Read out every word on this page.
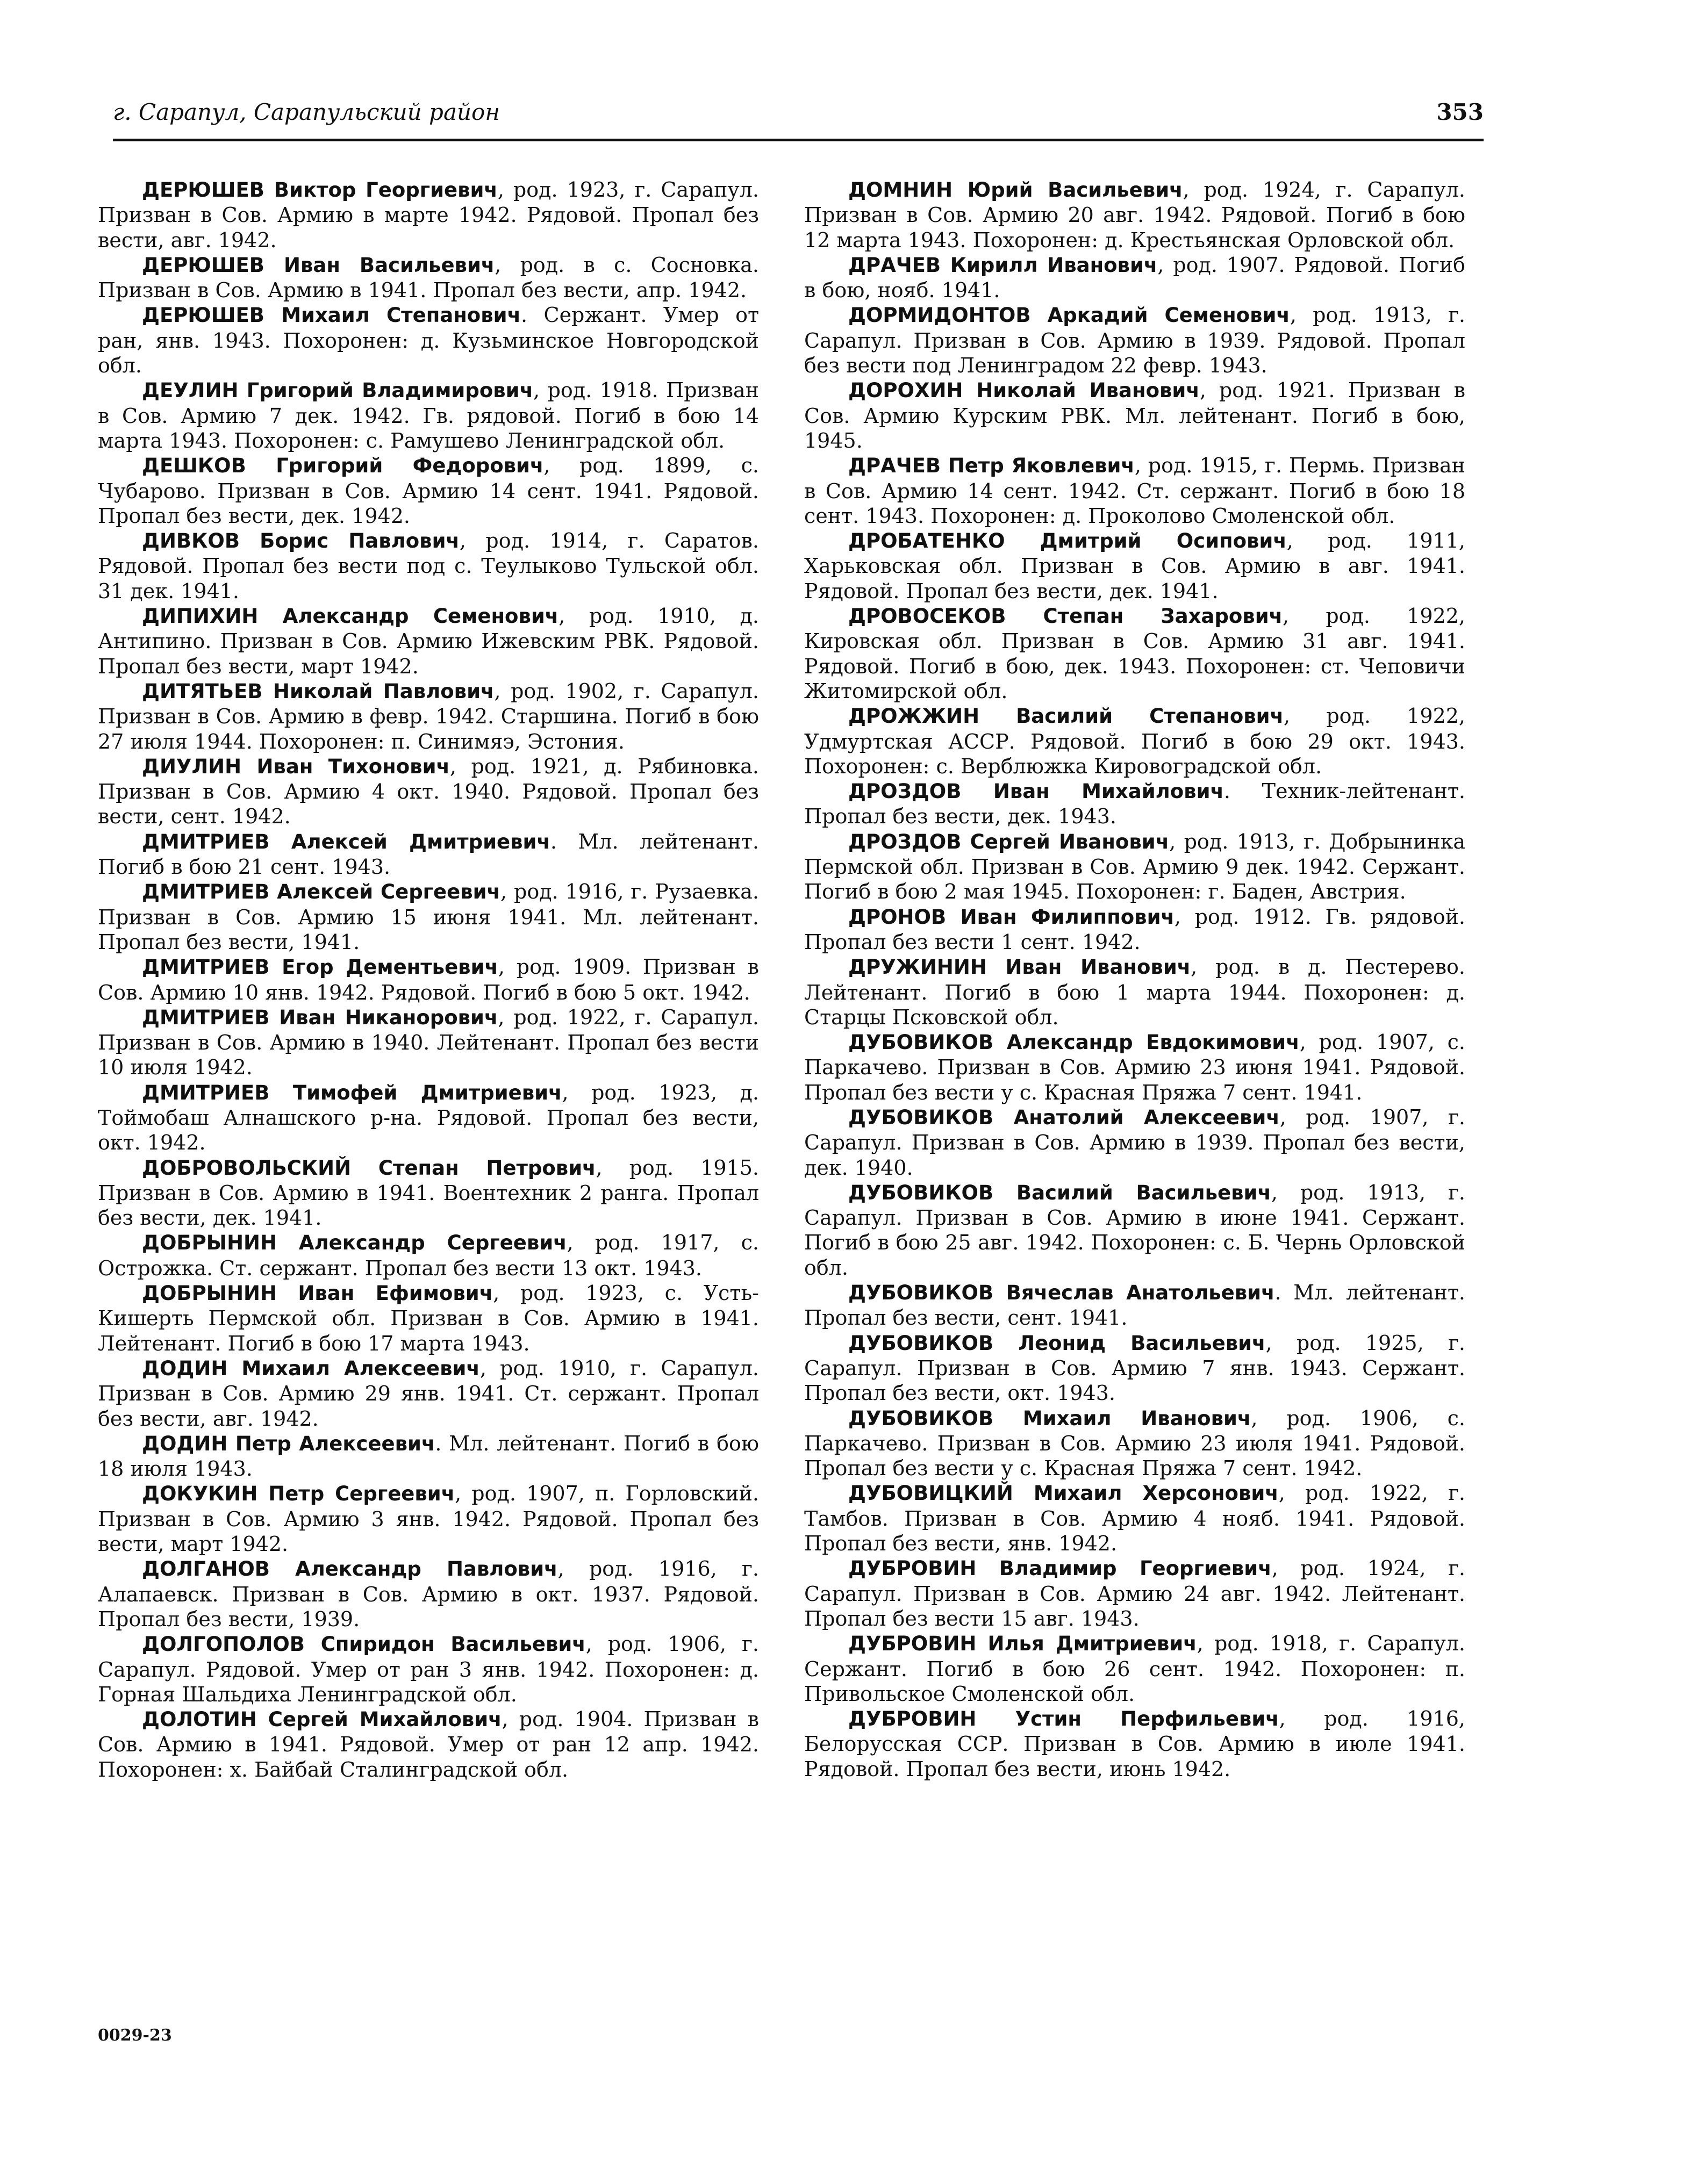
г. Сарапул, Сарапульский район	353

ДЕРЮШЕВ Виктор Георгиевич, род. 1923, г. Сарапул. Призван в Сов. Армию в марте 1942. Рядовой. Пропал без вести, авг. 1942.

ДЕРЮШЕВ Иван Васильевич, род. в с. Сосновка. Призван в Сов. Армию в 1941. Пропал без вести, апр. 1942.

ДЕРЮШЕВ Михаил Степанович. Сержант. Умер от ран, янв. 1943. Похоронен: д. Кузьминское Новгородской обл.

ДЕУЛИН Григорий Владимирович, род. 1918. Призван в Сов. Армию 7 дек. 1942. Гв. рядовой. Погиб в бою 14 марта 1943. Похоронен: с. Рамушево Ленинградской обл.

ДЕШКОВ Григорий Федорович, род. 1899, с. Чубарово. Призван в Сов. Армию 14 сент. 1941. Рядовой. Пропал без вести, дек. 1942.

ДИВКОВ Борис Павлович, род. 1914, г. Саратов. Рядовой. Пропал без вести под с. Теулыково Тульской обл. 31 дек. 1941.

ДИПИХИН Александр Семенович, род. 1910, д. Антипино. Призван в Сов. Армию Ижевским РВК. Рядовой. Пропал без вести, март 1942.

ДИТЯТЬЕВ Николай Павлович, род. 1902, г. Сарапул. Призван в Сов. Армию в февр. 1942. Старшина. Погиб в бою 27 июля 1944. Похоронен: п. Синимяэ, Эстония.

ДИУЛИН Иван Тихонович, род. 1921, д. Рябиновка. Призван в Сов. Армию 4 окт. 1940. Рядовой. Пропал без вести, сент. 1942.

ДМИТРИЕВ Алексей Дмитриевич. Мл. лейтенант. Погиб в бою 21 сент. 1943.

ДМИТРИЕВ Алексей Сергеевич, род. 1916, г. Рузаевка. Призван в Сов. Армию 15 июня 1941. Мл. лейтенант. Пропал без вести, 1941.

ДМИТРИЕВ Егор Дементьевич, род. 1909. Призван в Сов. Армию 10 янв. 1942. Рядовой. Погиб в бою 5 окт. 1942.

ДМИТРИЕВ Иван Никанорович, род. 1922, г. Сарапул. Призван в Сов. Армию в 1940. Лейтенант. Пропал без вести 10 июля 1942.

ДМИТРИЕВ Тимофей Дмитриевич, род. 1923, д. Тоймобаш Алнашского р-на. Рядовой. Пропал без вести, окт. 1942.

ДОБРОВОЛЬСКИЙ Степан Петрович, род. 1915. Призван в Сов. Армию в 1941. Воентехник 2 ранга. Пропал без вести, дек. 1941.

ДОБРЫНИН Александр Сергеевич, род. 1917, с. Острожка. Ст. сержант. Пропал без вести 13 окт. 1943.

ДОБРЫНИН Иван Ефимович, род. 1923, с. Усть-Кишерть Пермской обл. Призван в Сов. Армию в 1941. Лейтенант. Погиб в бою 17 марта 1943.

ДОДИН Михаил Алексеевич, род. 1910, г. Сарапул. Призван в Сов. Армию 29 янв. 1941. Ст. сержант. Пропал без вести, авг. 1942.

ДОДИН Петр Алексеевич. Мл. лейтенант. Погиб в бою 18 июля 1943.

ДОКУКИН Петр Сергеевич, род. 1907, п. Горловский. Призван в Сов. Армию 3 янв. 1942. Рядовой. Пропал без вести, март 1942.

ДОЛГАНОВ Александр Павлович, род. 1916, г. Алапаевск. Призван в Сов. Армию в окт. 1937. Рядовой. Пропал без вести, 1939.

ДОЛГОПОЛОВ Спиридон Васильевич, род. 1906, г. Сарапул. Рядовой. Умер от ран 3 янв. 1942. Похоронен: д. Горная Шальдиха Ленинградской обл.

ДОЛОТИН Сергей Михайлович, род. 1904. Призван в Сов. Армию в 1941. Рядовой. Умер от ран 12 апр. 1942. Похоронен: х. Байбай Сталинградской обл.

ДОМНИН Юрий Васильевич, род. 1924, г. Сарапул. Призван в Сов. Армию 20 авг. 1942. Рядовой. Погиб в бою 12 марта 1943. Похоронен: д. Крестьянская Орловской обл.

ДРАЧЕВ Кирилл Иванович, род. 1907. Рядовой. Погиб в бою, нояб. 1941.

ДОРМИДОНТОВ Аркадий Семенович, род. 1913, г. Сарапул. Призван в Сов. Армию в 1939. Рядовой. Пропал без вести под Ленинградом 22 февр. 1943.

ДОРОХИН Николай Иванович, род. 1921. Призван в Сов. Армию Курским РВК. Мл. лейтенант. Погиб в бою, 1945.

ДРАЧЕВ Петр Яковлевич, род. 1915, г. Пермь. Призван в Сов. Армию 14 сент. 1942. Ст. сержант. Погиб в бою 18 сент. 1943. Похоронен: д. Проколово Смоленской обл.

ДРОБАТЕНКО Дмитрий Осипович, род. 1911, Харьковская обл. Призван в Сов. Армию в авг. 1941. Рядовой. Пропал без вести, дек. 1941.

ДРОВОСЕКОВ Степан Захарович, род. 1922, Кировская обл. Призван в Сов. Армию 31 авг. 1941. Рядовой. Погиб в бою, дек. 1943. Похоронен: ст. Чеповичи Житомирской обл.

ДРОЖЖИН Василий Степанович, род. 1922, Удмуртская АССР. Рядовой. Погиб в бою 29 окт. 1943. Похоронен: с. Верблюжка Кировоградской обл.

ДРОЗДОВ Иван Михайлович. Техник-лейтенант. Пропал без вести, дек. 1943.

ДРОЗДОВ Сергей Иванович, род. 1913, г. Добрынинка Пермской обл. Призван в Сов. Армию 9 дек. 1942. Сержант. Погиб в бою 2 мая 1945. Похоронен: г. Баден, Австрия.

ДРОНОВ Иван Филиппович, род. 1912. Гв. рядовой. Пропал без вести 1 сент. 1942.

ДРУЖИНИН Иван Иванович, род. в д. Пестерево. Лейтенант. Погиб в бою 1 марта 1944. Похоронен: д. Старцы Псковской обл.

ДУБОВИКОВ Александр Евдокимович, род. 1907, с. Паркачево. Призван в Сов. Армию 23 июня 1941. Рядовой. Пропал без вести у с. Красная Пряжа 7 сент. 1941.

ДУБОВИКОВ Анатолий Алексеевич, род. 1907, г. Сарапул. Призван в Сов. Армию в 1939. Пропал без вести, дек. 1940.

ДУБОВИКОВ Василий Васильевич, род. 1913, г. Сарапул. Призван в Сов. Армию в июне 1941. Сержант. Погиб в бою 25 авг. 1942. Похоронен: с. Б. Чернь Орловской обл.

ДУБОВИКОВ Вячеслав Анатольевич. Мл. лейтенант. Пропал без вести, сент. 1941.

ДУБОВИКОВ Леонид Васильевич, род. 1925, г. Сарапул. Призван в Сов. Армию 7 янв. 1943. Сержант. Пропал без вести, окт. 1943.

ДУБОВИКОВ Михаил Иванович, род. 1906, с. Паркачево. Призван в Сов. Армию 23 июля 1941. Рядовой. Пропал без вести у с. Красная Пряжа 7 сент. 1942.

ДУБОВИЦКИЙ Михаил Херсонович, род. 1922, г. Тамбов. Призван в Сов. Армию 4 нояб. 1941. Рядовой. Пропал без вести, янв. 1942.

ДУБРОВИН Владимир Георгиевич, род. 1924, г. Сарапул. Призван в Сов. Армию 24 авг. 1942. Лейтенант. Пропал без вести 15 авг. 1943.

ДУБРОВИН Илья Дмитриевич, род. 1918, г. Сарапул. Сержант. Погиб в бою 26 сент. 1942. Похоронен: п. Привольское Смоленской обл.

ДУБРОВИН Устин Перфильевич, род. 1916, Белорусская ССР. Призван в Сов. Армию в июле 1941. Рядовой. Пропал без вести, июнь 1942.

0029-23
